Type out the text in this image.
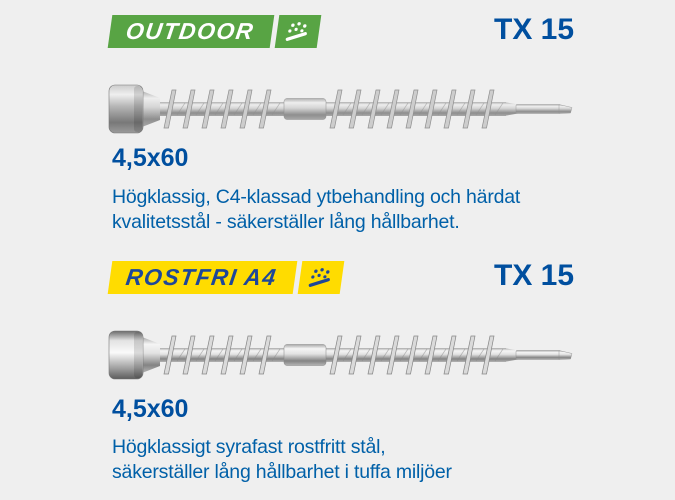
OUTDOOR	TX 15
4,5x60
Högklassig, C4-klassad ytbehandling och härdat
kvalitetsstål - säkerställer lång hållbarhet.
ROSTFRI A4	TX 15
4,5x60
Högklassigt syrafast rostfritt stål,
säkerställer lång hållbarhet i tuffa miljöer
